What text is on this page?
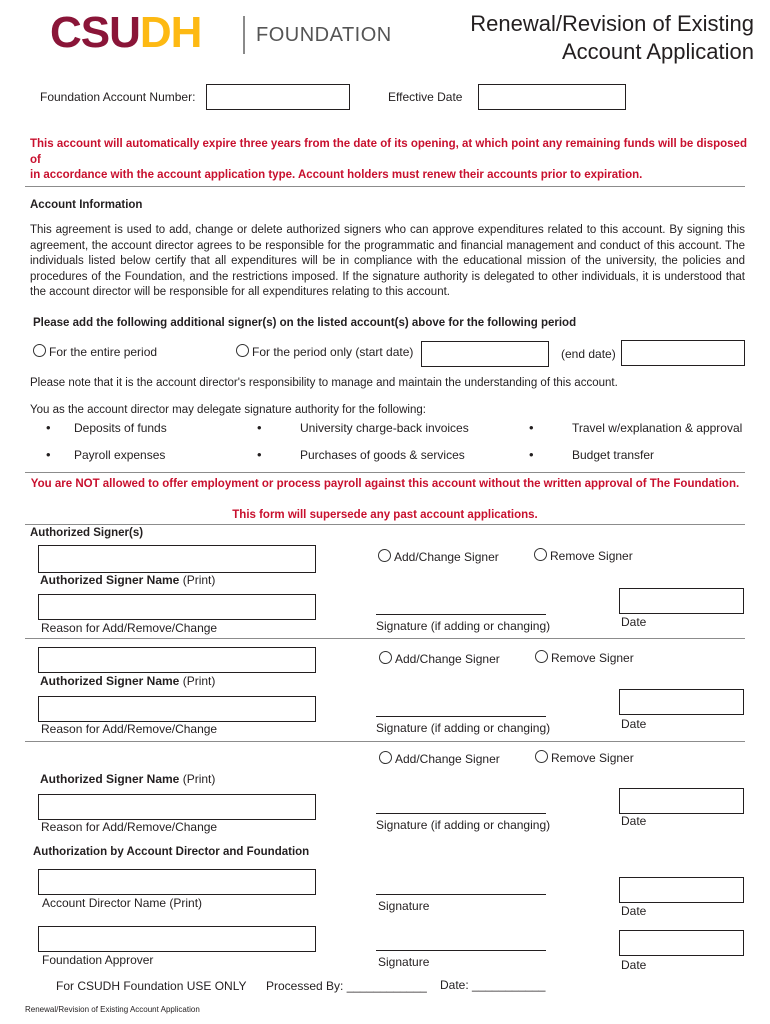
CSUDH	FOUNDATION	Renewal/Revision of Existing
Account Application
Foundation Account Number:	Effective Date
This account will automatically expire three years from the date of its opening, at which point any remaining funds will be disposed of
in accordance with the account application type. Account holders must renew their accounts prior to expiration.
Account Information
This agreement is used to add, change or delete authorized signers who can approve expenditures related to this account. By signing this agreement, the account director agrees to be responsible for the programmatic and financial management and conduct of this account. The individuals listed below certify that all expenditures will be in compliance with the educational mission of the university, the policies and procedures of the Foundation, and the restrictions imposed. If the signature authority is delegated to other individuals, it is understood that the account director will be responsible for all expenditures relating to this account.
Please add the following additional signer(s) on the listed account(s) above for the following period
For the entire period	For the period only (start date)	(end date)
Please note that it is the account director's responsibility to manage and maintain the understanding of this account.
You as the account director may delegate signature authority for the following:
• Deposits of funds	•	University charge-back invoices	•	Travel w/explanation & approval
• Payroll expenses	•	Purchases of goods & services	•	Budget transfer
You are NOT allowed to offer employment or process payroll against this account without the written approval of The Foundation.
This form will supersede any past account applications.
Authorized Signer(s)
Add/Change Signer	Remove Signer
Authorized Signer Name (Print)
Reason for Add/Remove/Change	Signature (if adding or changing)	Date
Add/Change Signer	Remove Signer
Authorized Signer Name (Print)
Reason for Add/Remove/Change	Signature (if adding or changing)	Date
Add/Change Signer	Remove Signer
Authorized Signer Name (Print)
Reason for Add/Remove/Change	Signature (if adding or changing)	Date
Authorization by Account Director and Foundation
Account Director Name (Print)	Signature	Date
Foundation Approver	Signature	Date
For CSUDH Foundation USE ONLY Processed By: ____________ Date: ___________
Renewal/Revision of Existing Account Application
